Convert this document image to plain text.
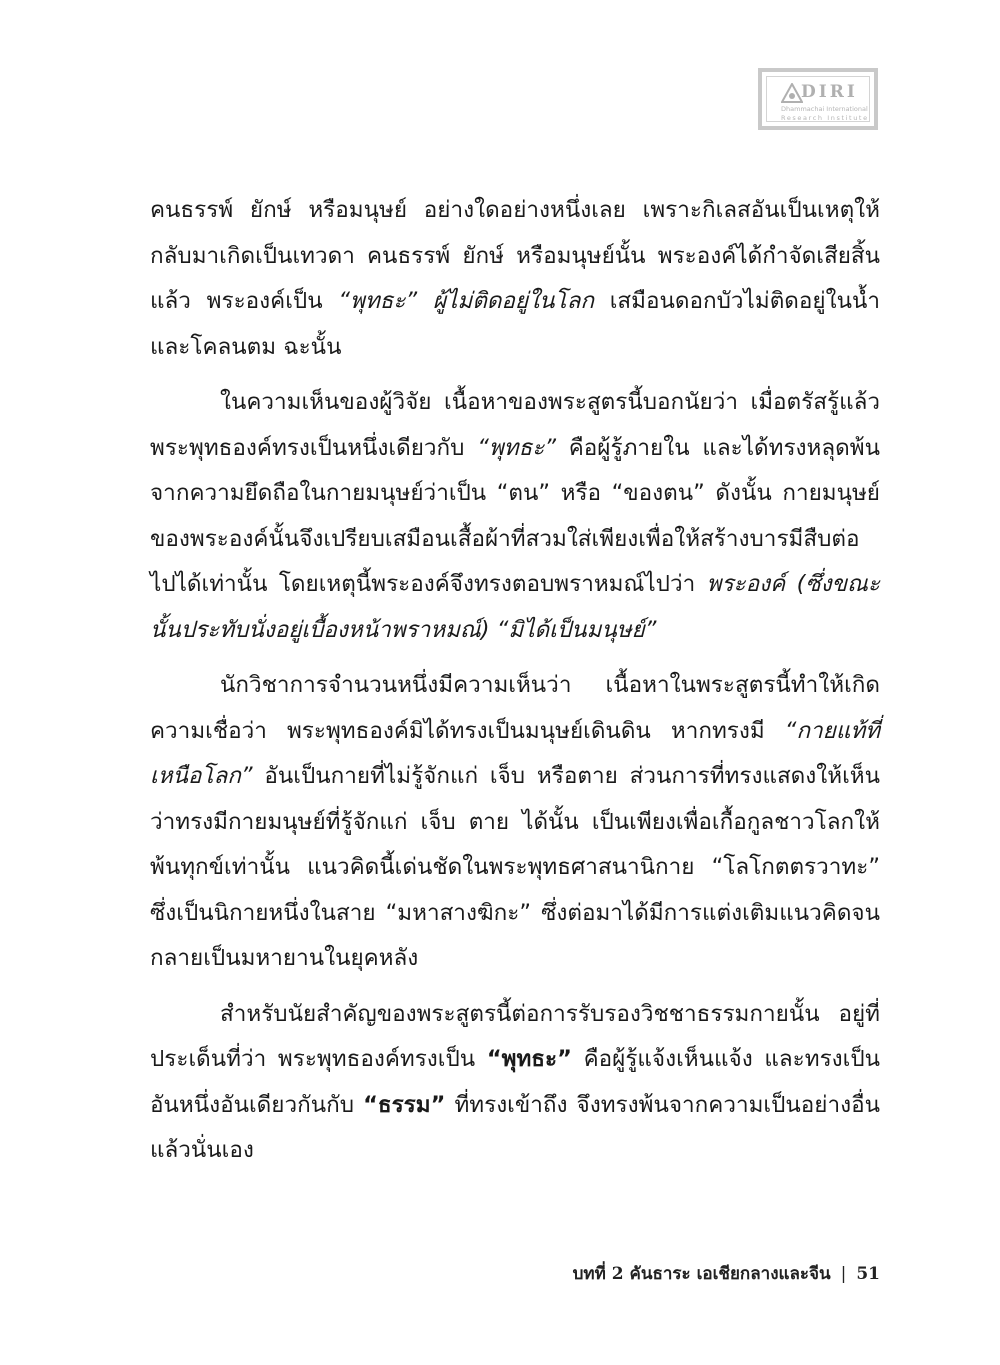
DIRI
Dhammachai International
Research Institute

คนธรรพ์ ยักษ์ หรือมนุษย์ อย่างใดอย่างหนึ่งเลย เพราะกิเลสอันเป็นเหตุให้กลับมาเกิดเป็นเทวดา คนธรรพ์ ยักษ์ หรือมนุษย์นั้น พระองค์ได้กำจัดเสียสิ้นแล้ว พระองค์เป็น “พุทธะ” ผู้ไม่ติดอยู่ในโลก เสมือนดอกบัวไม่ติดอยู่ในน้ำและโคลนตม ฉะนั้น

ในความเห็นของผู้วิจัย เนื้อหาของพระสูตรนี้บอกนัยว่า เมื่อตรัสรู้แล้ว พระพุทธองค์ทรงเป็นหนึ่งเดียวกับ “พุทธะ” คือผู้รู้ภายใน และได้ทรงหลุดพ้นจากความยึดถือในกายมนุษย์ว่าเป็น “ตน” หรือ “ของตน” ดังนั้น กายมนุษย์ของพระองค์นั้นจึงเปรียบเสมือนเสื้อผ้าที่สวมใส่เพียงเพื่อให้สร้างบารมีสืบต่อไปได้เท่านั้น โดยเหตุนี้พระองค์จึงทรงตอบพราหมณ์ไปว่า พระองค์ (ซึ่งขณะนั้นประทับนั่งอยู่เบื้องหน้าพราหมณ์) “มิได้เป็นมนุษย์”

นักวิชาการจำนวนหนึ่งมีความเห็นว่า เนื้อหาในพระสูตรนี้ทำให้เกิดความเชื่อว่า พระพุทธองค์มิได้ทรงเป็นมนุษย์เดินดิน หากทรงมี “กายแท้ที่เหนือโลก” อันเป็นกายที่ไม่รู้จักแก่ เจ็บ หรือตาย ส่วนการที่ทรงแสดงให้เห็นว่าทรงมีกายมนุษย์ที่รู้จักแก่ เจ็บ ตาย ได้นั้น เป็นเพียงเพื่อเกื้อกูลชาวโลกให้พ้นทุกข์เท่านั้น แนวคิดนี้เด่นชัดในพระพุทธศาสนานิกาย “โลโกตตรวาทะ” ซึ่งเป็นนิกายหนึ่งในสาย “มหาสางฆิกะ” ซึ่งต่อมาได้มีการแต่งเติมแนวคิดจนกลายเป็นมหายานในยุคหลัง

สำหรับนัยสำคัญของพระสูตรนี้ต่อการรับรองวิชชาธรรมกายนั้น อยู่ที่ประเด็นที่ว่า พระพุทธองค์ทรงเป็น “พุทธะ” คือผู้รู้แจ้งเห็นแจ้ง และทรงเป็นอันหนึ่งอันเดียวกันกับ “ธรรม” ที่ทรงเข้าถึง จึงทรงพ้นจากความเป็นอย่างอื่นแล้วนั่นเอง

บทที่ 2 คันธาระ เอเชียกลางและจีน | 51
